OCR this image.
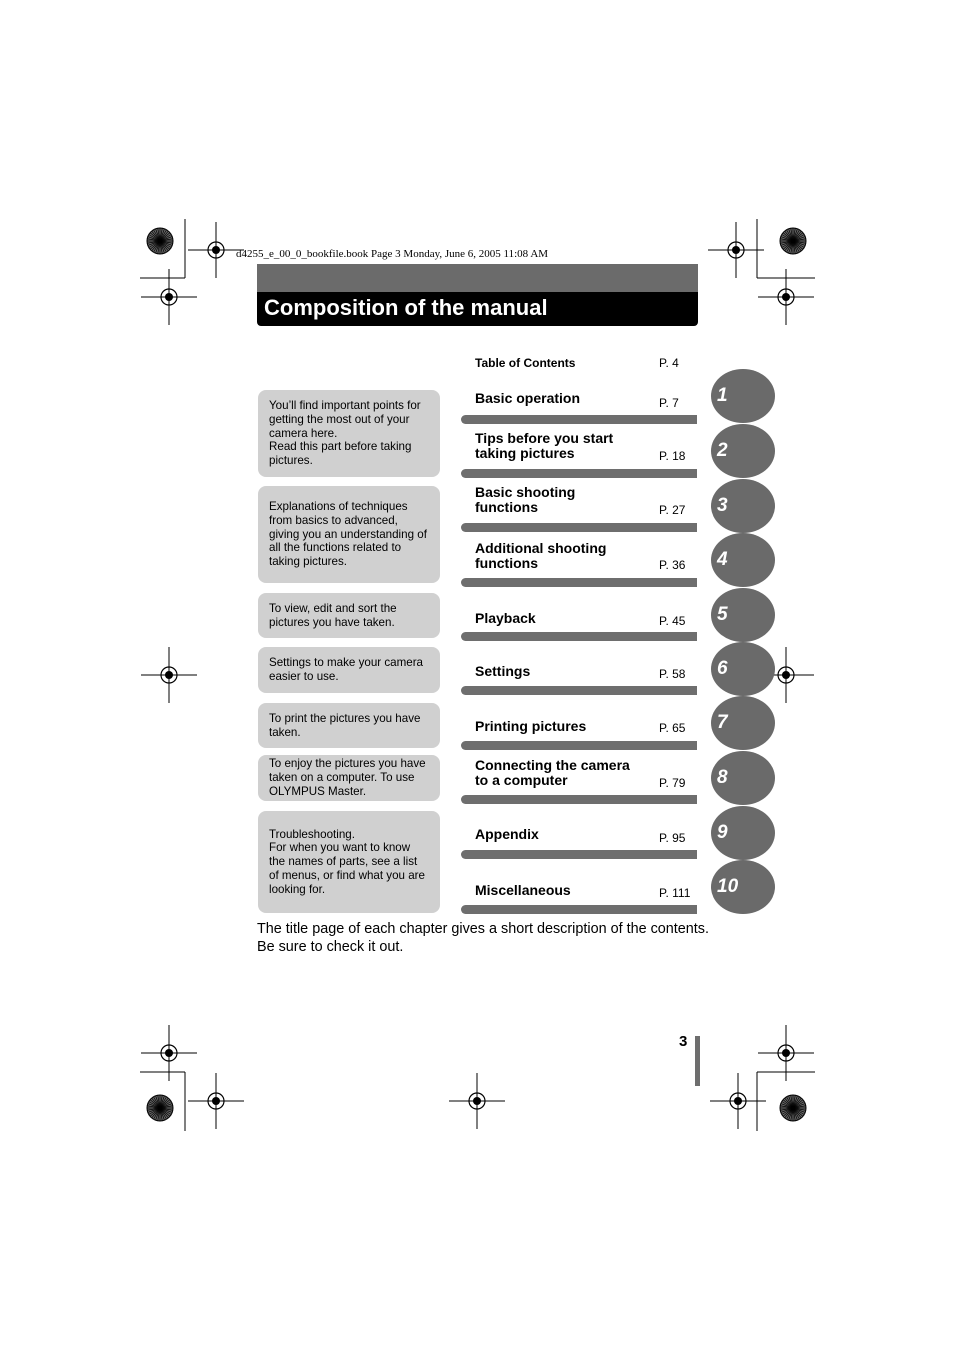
d4255_e_00_0_bookfile.book Page 3 Monday, June 6, 2005 11:08 AM
Composition of the manual
Table of Contents	P. 4
You’ll find important points for
getting the most out of your
camera here.
Read this part before taking
pictures.
Explanations of techniques
from basics to advanced,
giving you an understanding of
all the functions related to
taking pictures.
To view, edit and sort the
pictures you have taken.
Settings to make your camera
easier to use.
To print the pictures you have
taken.
To enjoy the pictures you have
taken on a computer. To use
OLYMPUS Master.
Troubleshooting.
For when you want to know
the names of parts, see a list
of menus, or find what you are
looking for.
Basic operation	P. 7	1
Tips before you start
taking pictures	P. 18	2
Basic shooting
functions	P. 27	3
Additional shooting
functions	P. 36	4
Playback	P. 45	5
Settings	P. 58	6
Printing pictures	P. 65	7
Connecting the camera
to a computer	P. 79	8
Appendix	P. 95	9
Miscellaneous	P. 111	10
The title page of each chapter gives a short description of the contents.
Be sure to check it out.
3
